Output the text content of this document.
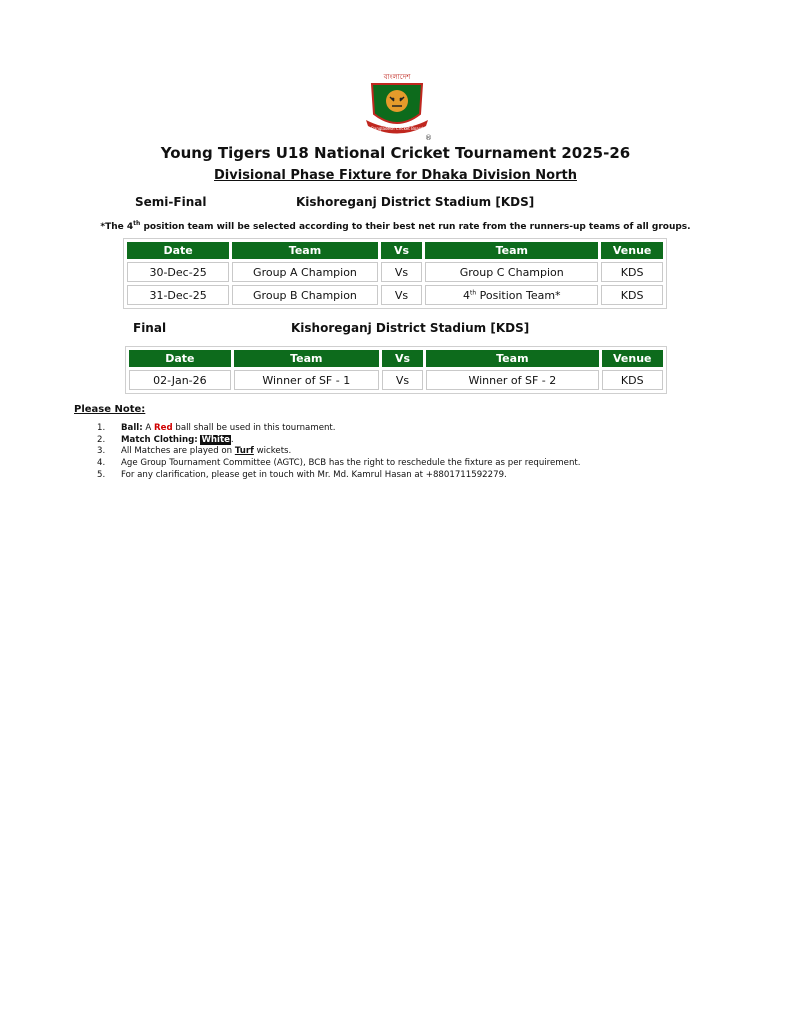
বাংলাদেশ
Bangladesh Cricket Board
®
Young Tigers U18 National Cricket Tournament 2025-26
Divisional Phase Fixture for Dhaka Division North
Semi-Final	Kishoreganj District Stadium [KDS]
*The 4th position team will be selected according to their best net run rate from the runners-up teams of all groups.
Date	Team	Vs	Team	Venue
30-Dec-25	Group A Champion	Vs	Group C Champion	KDS
31-Dec-25	Group B Champion	Vs	4th Position Team*	KDS
Final	Kishoreganj District Stadium [KDS]
Date	Team	Vs	Team	Venue
02-Jan-26	Winner of SF - 1	Vs	Winner of SF - 2	KDS
Please Note:
1. Ball: A Red ball shall be used in this tournament.
2. Match Clothing: White.
3. All Matches are played on Turf wickets.
4. Age Group Tournament Committee (AGTC), BCB has the right to reschedule the fixture as per requirement.
5. For any clarification, please get in touch with Mr. Md. Kamrul Hasan at +8801711592279.
